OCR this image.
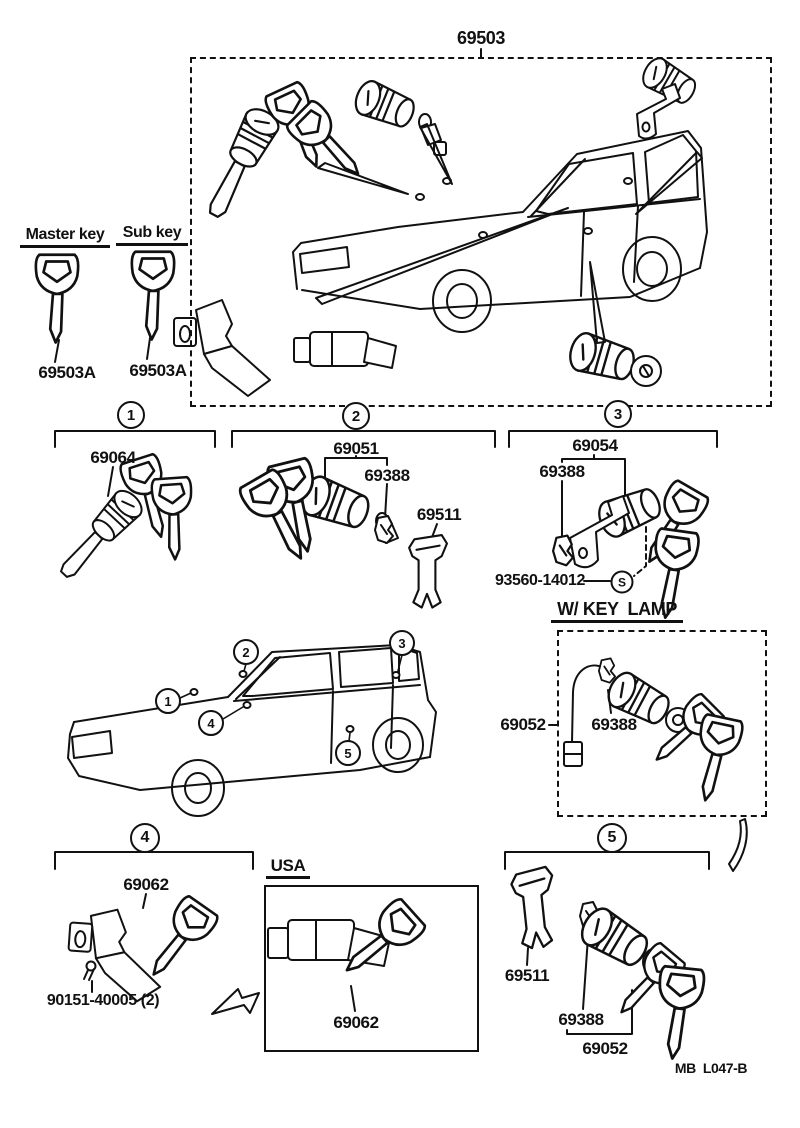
69503
Master key	Sub key
69503A 69503A
1	2	3
69064	69051
69388
69511
69054
69388
93560-14012	S
W/ KEY  LAMP
69052	69388
1
2
3
4
5
4	5
69062
90151-40005 (2)
USA
69062
69511
69388
69052
MB  L047-B
